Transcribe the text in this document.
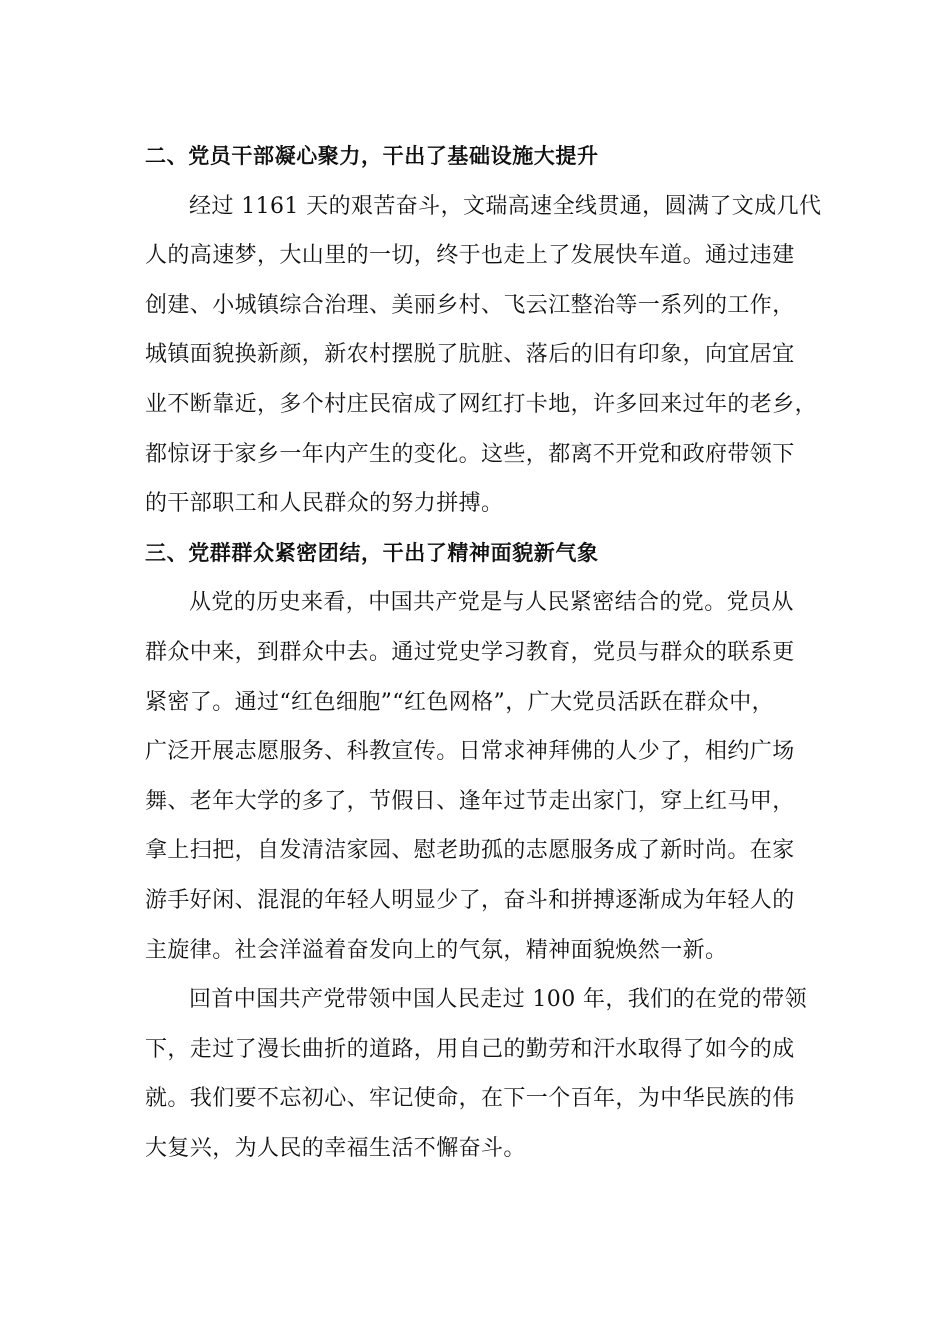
二、党员干部凝心聚力，干出了基础设施大提升
经过 1161 天的艰苦奋斗，文瑞高速全线贯通，圆满了文成几代
人的高速梦，大山里的一切，终于也走上了发展快车道。通过违建
创建、小城镇综合治理、美丽乡村、飞云江整治等一系列的工作，
城镇面貌换新颜，新农村摆脱了肮脏、落后的旧有印象，向宜居宜
业不断靠近，多个村庄民宿成了网红打卡地，许多回来过年的老乡，
都惊讶于家乡一年内产生的变化。这些，都离不开党和政府带领下
的干部职工和人民群众的努力拼搏。
三、党群群众紧密团结，干出了精神面貌新气象
从党的历史来看，中国共产党是与人民紧密结合的党。党员从
群众中来，到群众中去。通过党史学习教育，党员与群众的联系更
紧密了。通过“红色细胞”“红色网格”，广大党员活跃在群众中，
广泛开展志愿服务、科教宣传。日常求神拜佛的人少了，相约广场
舞、老年大学的多了，节假日、逢年过节走出家门，穿上红马甲，
拿上扫把，自发清洁家园、慰老助孤的志愿服务成了新时尚。在家
游手好闲、混混的年轻人明显少了，奋斗和拼搏逐渐成为年轻人的
主旋律。社会洋溢着奋发向上的气氛，精神面貌焕然一新。
回首中国共产党带领中国人民走过 100 年，我们的在党的带领
下，走过了漫长曲折的道路，用自己的勤劳和汗水取得了如今的成
就。我们要不忘初心、牢记使命，在下一个百年，为中华民族的伟
大复兴，为人民的幸福生活不懈奋斗。
